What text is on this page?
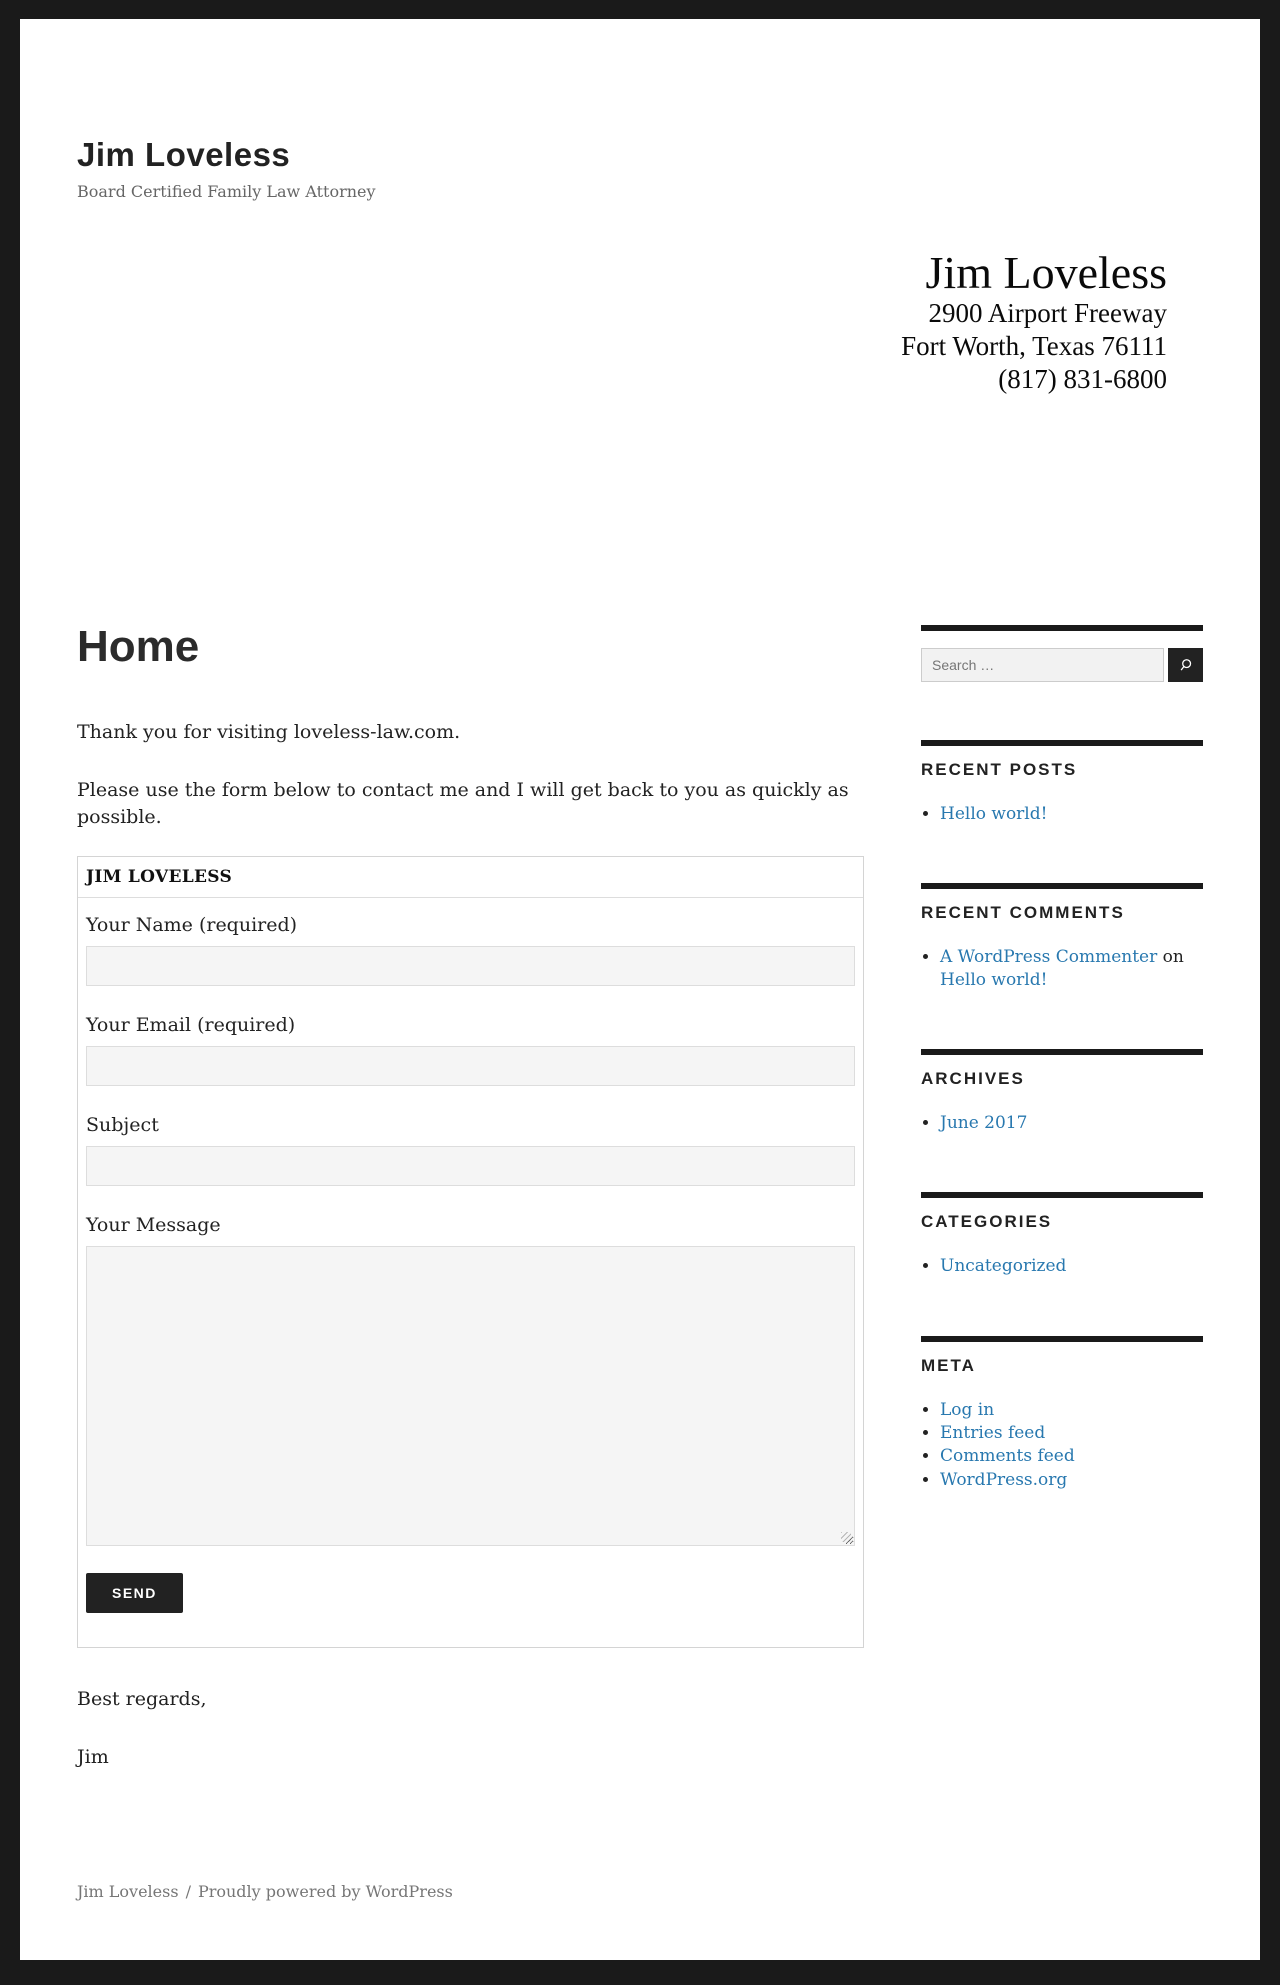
Jim Loveless

Board Certified Family Law Attorney

Jim Loveless
2900 Airport Freeway
Fort Worth, Texas 76111
(817) 831-6800
Home

Thank you for visiting loveless-law.com.

Please use the form below to contact me and I will get back to you as quickly as possible.

JIM LOVELESS
Your Name (required)
Your Email (required)
Subject
Your Message
SEND

Best regards,

Jim

Search …
RECENT POSTS
• Hello world!
RECENT COMMENTS
• A WordPress Commenter on Hello world!
ARCHIVES
• June 2017
CATEGORIES
• Uncategorized
META
• Log in
• Entries feed
• Comments feed
• WordPress.org
Jim Loveless / Proudly powered by WordPress
